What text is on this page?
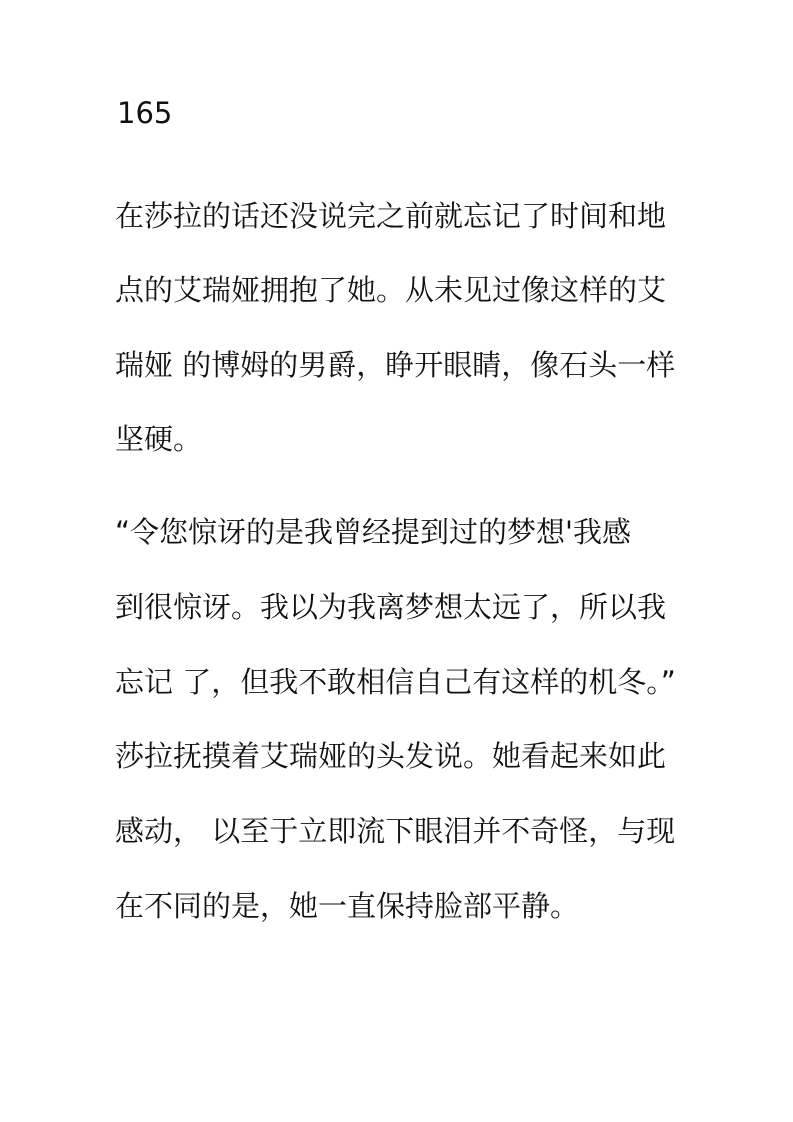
165

在莎拉的话还没说完之前就忘记了时间和地

点的艾瑞娅拥抱了她。从未见过像这样的艾

瑞娅 的博姆的男爵，睁开眼睛，像石头一样

坚硬。

“令您惊讶的是我曾经提到过的梦想'我感

到很惊讶。我以为我离梦想太远了，所以我

忘记 了，但我不敢相信自己有这样的机冬。”

莎拉抚摸着艾瑞娅的头发说。她看起来如此

感动， 以至于立即流下眼泪并不奇怪，与现

在不同的是，她一直保持脸部平静。
